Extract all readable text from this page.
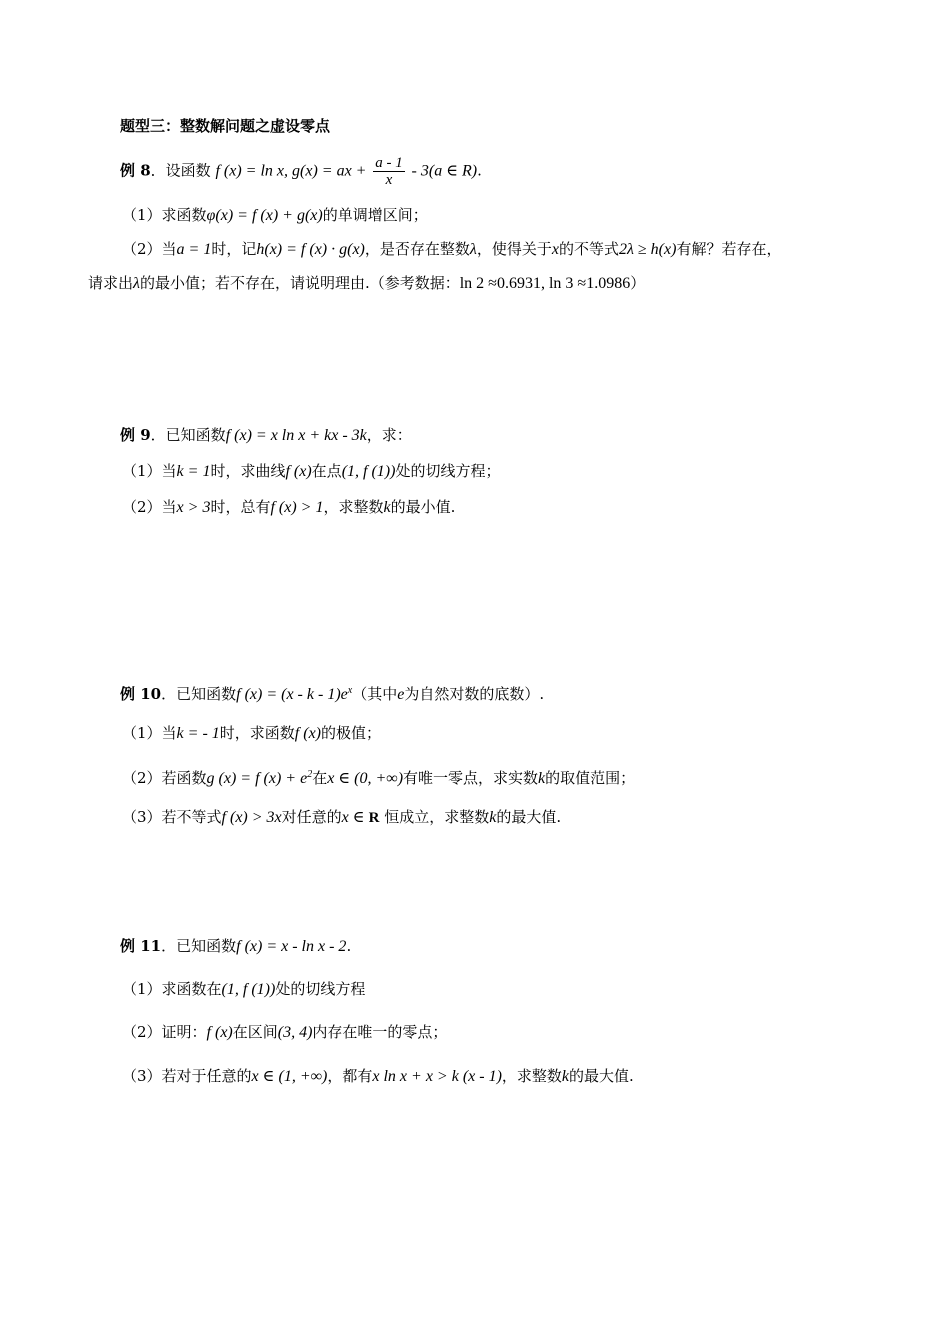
题型三：整数解问题之虚设零点
例 8．设函数 f (x) = ln x, g(x) = ax + $\frac{a - 1}{x} - 3(a$ ∈ R).
（1）求函数φ(x) = f (x) + g(x)的单调增区间；
（2）当a = 1时，记h(x) = f (x) · g(x)，是否存在整数λ，使得关于x的不等式2λ ≥ h(x)有解？若存在，
请求出λ的最小值；若不存在，请说明理由.（参考数据：ln 2 ≈0.6931, ln 3 ≈1.0986）
例 9．已知函数f (x) = x ln x + kx - 3k，求：
（1）当k = 1时，求曲线f (x)在点(1, f (1))处的切线方程；
（2）当x > 3时，总有f (x) > 1，求整数k的最小值.
例 10．已知函数f $(x) = (x - k - 1)e^x$（其中e为自然对数的底数）.
（1）当k = - 1时，求函数f (x)的极值；
（2）若函数g (x) = f $(x) + e^2$在x ∈ (0, +∞)有唯一零点，求实数k的取值范围；
（3）若不等式f (x) > 3x对任意的x ∈ R 恒成立，求整数k的最大值.
例 11．已知函数f (x) = x - ln x - 2.
（1）求函数在(1, f (1))处的切线方程
（2）证明：f (x)在区间(3, 4)内存在唯一的零点；
（3）若对于任意的x ∈ (1, +∞)，都有x ln x + x > k (x - 1)，求整数k的最大值.
